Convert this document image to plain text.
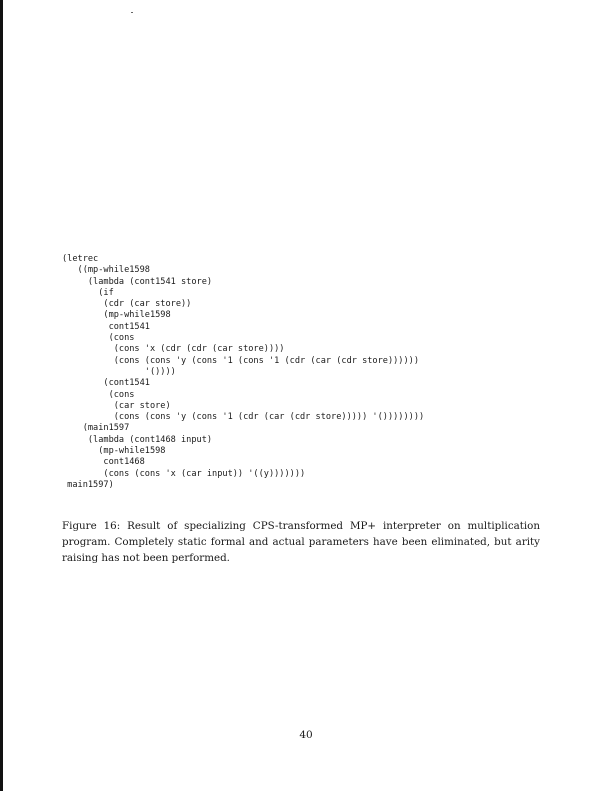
(letrec
((mp-while1598
(lambda (cont1541 store)
(if
(cdr (car store))
(mp-while1598
cont1541
(cons
(cons 'x (cdr (cdr (car store))))
(cons (cons 'y (cons '1 (cons '1 (cdr (car (cdr store))))))
'())))
(cont1541
(cons
(car store)
(cons (cons 'y (cons '1 (cdr (car (cdr store))))) '())))))))
(main1597
(lambda (cont1468 input)
(mp-while1598
cont1468
(cons (cons 'x (car input)) '((y)))))))
main1597)

Figure 16: Result of specializing CPS-transformed MP+ interpreter on multiplication program. Completely static formal and actual parameters have been eliminated, but arity raising has not been performed.

40
